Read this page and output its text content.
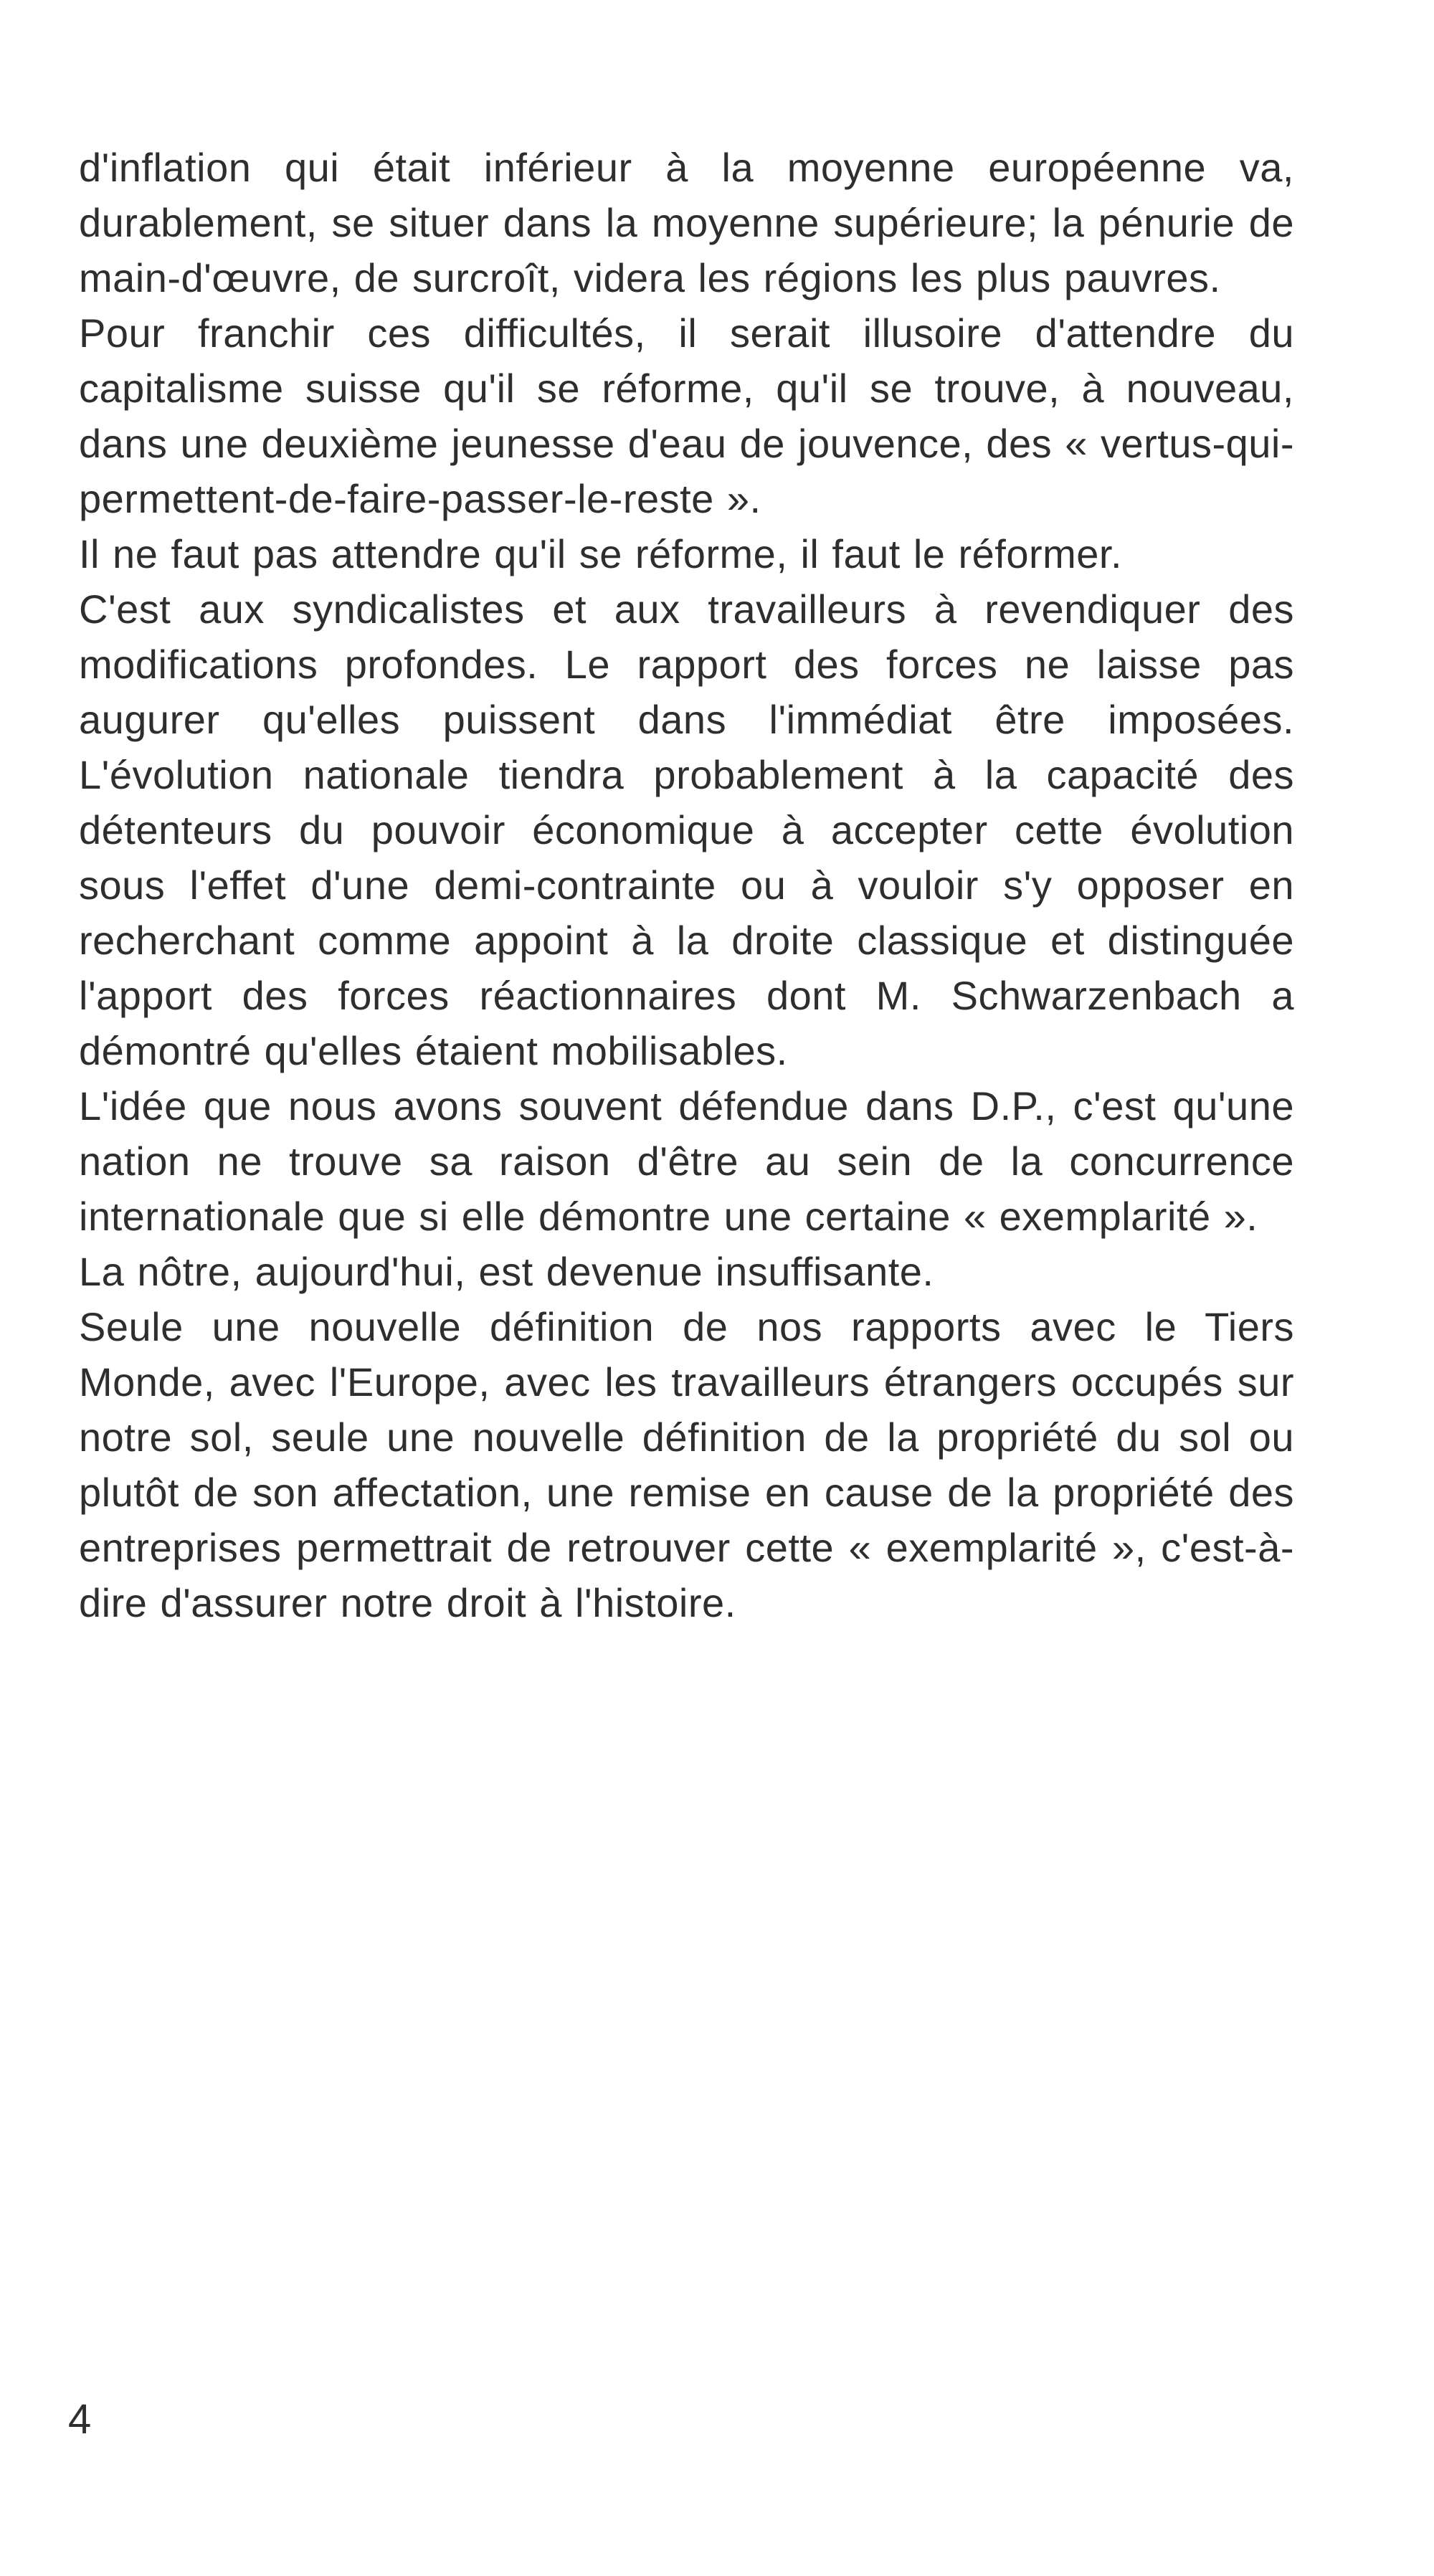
d'inflation qui était inférieur à la moyenne européenne va, durablement, se situer dans la moyenne supérieure; la pénurie de main-d'œuvre, de surcroît, videra les régions les plus pauvres.

Pour franchir ces difficultés, il serait illusoire d'attendre du capitalisme suisse qu'il se réforme, qu'il se trouve, à nouveau, dans une deuxième jeunesse d'eau de jouvence, des « vertus-qui-permettent-de-faire-passer-le-reste ».

Il ne faut pas attendre qu'il se réforme, il faut le réformer.

C'est aux syndicalistes et aux travailleurs à revendiquer des modifications profondes. Le rapport des forces ne laisse pas augurer qu'elles puissent dans l'immédiat être imposées. L'évolution nationale tiendra probablement à la capacité des détenteurs du pouvoir économique à accepter cette évolution sous l'effet d'une demi-contrainte ou à vouloir s'y opposer en recherchant comme appoint à la droite classique et distinguée l'apport des forces réactionnaires dont M. Schwarzenbach a démontré qu'elles étaient mobilisables.

L'idée que nous avons souvent défendue dans D.P., c'est qu'une nation ne trouve sa raison d'être au sein de la concurrence internationale que si elle démontre une certaine « exemplarité ».

La nôtre, aujourd'hui, est devenue insuffisante.

Seule une nouvelle définition de nos rapports avec le Tiers Monde, avec l'Europe, avec les travailleurs étrangers occupés sur notre sol, seule une nouvelle définition de la propriété du sol ou plutôt de son affectation, une remise en cause de la propriété des entreprises permettrait de retrouver cette « exemplarité », c'est-à-dire d'assurer notre droit à l'histoire.

4
